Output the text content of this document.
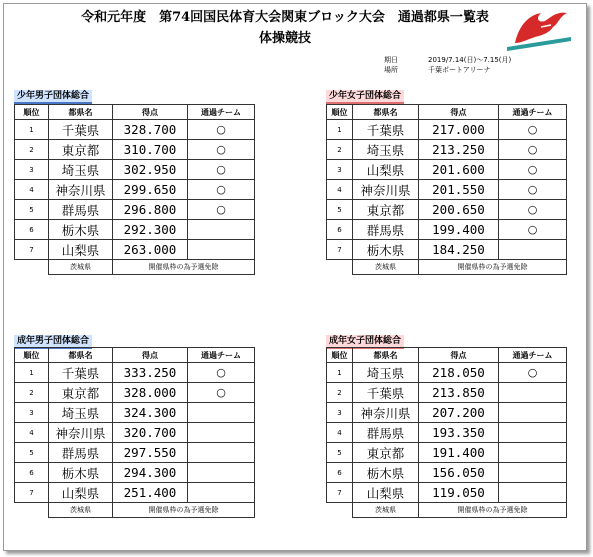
令和元年度　第74回国民体育大会関東ブロック大会　通過都県一覧表
体操競技
期日	2019/7.14(日)～7.15(月)
場所	千葉ポートアリーナ
少年男子団体総合
順位	都県名	得点	通過チーム
1	千葉県	328.700	○
2	東京都	310.700	○
3	埼玉県	302.950	○
4	神奈川県	299.650	○
5	群馬県	296.800	○
6	栃木県	292.300	
7	山梨県	263.000	
	茨城県	開催県枠の為予選免除	
少年女子団体総合
順位	都県名	得点	通過チーム
1	千葉県	217.000	○
2	埼玉県	213.250	○
3	山梨県	201.600	○
4	神奈川県	201.550	○
5	東京都	200.650	○
6	群馬県	199.400	○
7	栃木県	184.250	
	茨城県	開催県枠の為予選免除	
成年男子団体総合
順位	都県名	得点	通過チーム
1	千葉県	333.250	○
2	東京都	328.000	○
3	埼玉県	324.300	
4	神奈川県	320.700	
5	群馬県	297.550	
6	栃木県	294.300	
7	山梨県	251.400	
	茨城県	開催県枠の為予選免除	
成年女子団体総合
順位	都県名	得点	通過チーム
1	埼玉県	218.050	○
2	千葉県	213.850	
3	神奈川県	207.200	
4	群馬県	193.350	
5	東京都	191.400	
6	栃木県	156.050	
7	山梨県	119.050	
	茨城県	開催県枠の為予選免除	
